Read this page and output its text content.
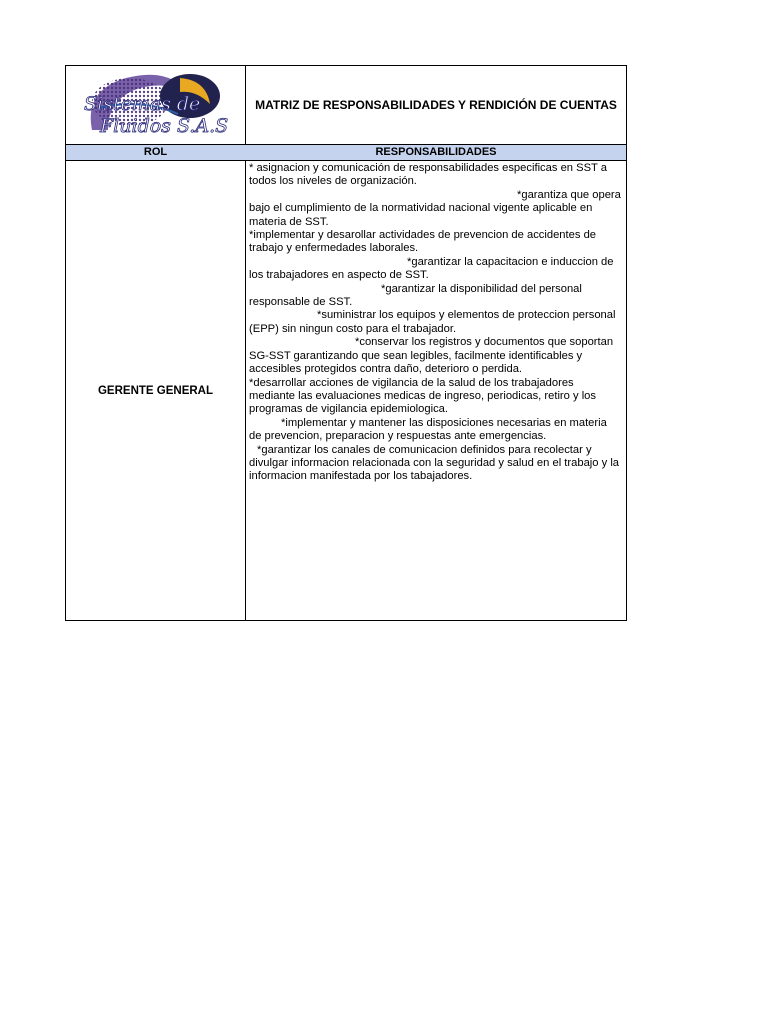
Sistemas de
Fluidos S.A.S
MATRIZ DE RESPONSABILIDADES Y RENDICIÓN DE CUENTAS
ROL	RESPONSABILIDADES
GERENTE GENERAL
* asignacion y comunicación de responsabilidades especificas en SST a todos los niveles de organización.
*garantiza que opera bajo el cumplimiento de la normatividad nacional vigente aplicable en materia de SST.
*implementar y desarollar actividades de prevencion de accidentes de trabajo y enfermedades laborales.
*garantizar la capacitacion e induccion de los trabajadores en aspecto de SST.
*garantizar la disponibilidad del personal responsable de SST.
*suministrar los equipos y elementos de proteccion personal (EPP) sin ningun costo para el trabajador.
*conservar los registros y documentos que soportan SG-SST garantizando que sean legibles, facilmente identificables y accesibles protegidos contra daño, deterioro o perdida.
*desarrollar acciones de vigilancia de la salud de los trabajadores mediante las evaluaciones medicas de ingreso, periodicas, retiro y los programas de vigilancia epidemiologica.
*implementar y mantener las disposiciones necesarias en materia de prevencion, preparacion y respuestas ante emergencias.
*garantizar los canales de comunicacion definidos para recolectar y divulgar informacion relacionada con la seguridad y salud en el trabajo y la informacion manifestada por los tabajadores.
